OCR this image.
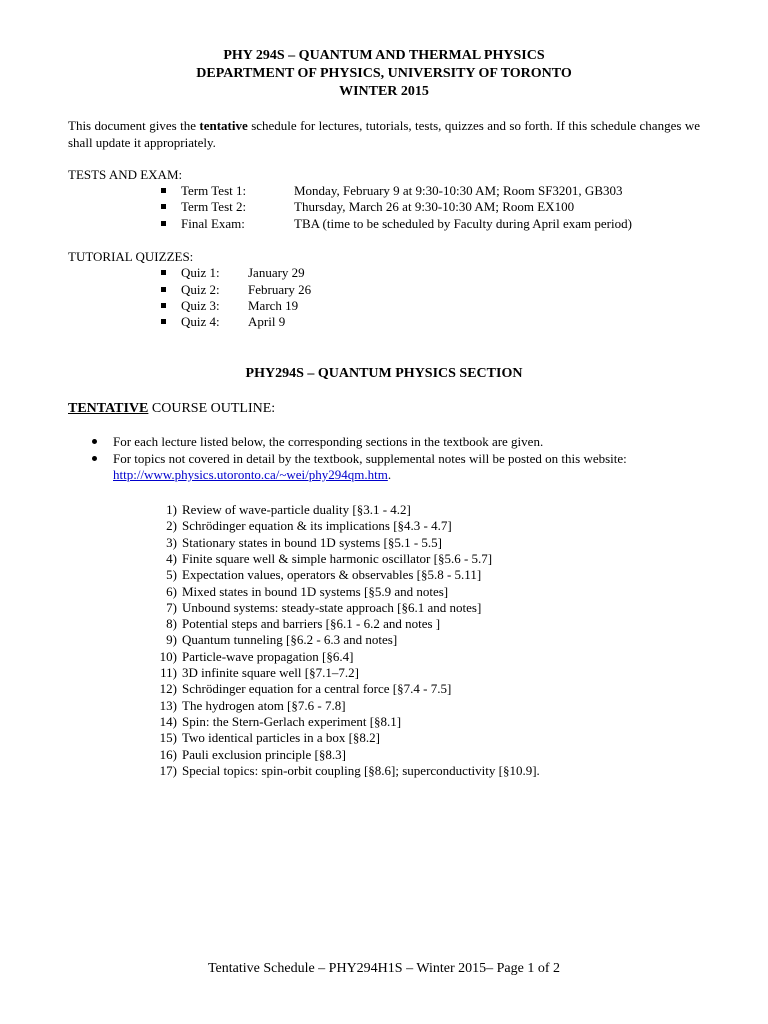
PHY 294S – QUANTUM AND THERMAL PHYSICS
DEPARTMENT OF PHYSICS, UNIVERSITY OF TORONTO
WINTER 2015
This document gives the tentative schedule for lectures, tutorials, tests, quizzes and so forth. If this schedule changes we shall update it appropriately.
TESTS AND EXAM:
Term Test 1:	Monday, February 9 at 9:30-10:30 AM; Room SF3201, GB303
Term Test 2:	Thursday, March 26 at 9:30-10:30 AM; Room EX100
Final Exam:	TBA (time to be scheduled by Faculty during April exam period)
TUTORIAL QUIZZES:
Quiz 1: January 29
Quiz 2: February 26
Quiz 3: March 19
Quiz 4: April 9
PHY294S – QUANTUM PHYSICS SECTION
TENTATIVE COURSE OUTLINE:
For each lecture listed below, the corresponding sections in the textbook are given.
For topics not covered in detail by the textbook, supplemental notes will be posted on this website:
http://www.physics.utoronto.ca/~wei/phy294qm.htm.
1) Review of wave-particle duality [§3.1 - 4.2]
2) Schrödinger equation & its implications [§4.3 - 4.7]
3) Stationary states in bound 1D systems [§5.1 - 5.5]
4) Finite square well & simple harmonic oscillator [§5.6 - 5.7]
5) Expectation values, operators & observables [§5.8 - 5.11]
6) Mixed states in bound 1D systems [§5.9 and notes]
7) Unbound systems: steady-state approach [§6.1 and notes]
8) Potential steps and barriers [§6.1 - 6.2 and notes ]
9) Quantum tunneling [§6.2 - 6.3 and notes]
10) Particle-wave propagation [§6.4]
11) 3D infinite square well [§7.1–7.2]
12) Schrödinger equation for a central force [§7.4 - 7.5]
13) The hydrogen atom [§7.6 - 7.8]
14) Spin: the Stern-Gerlach experiment [§8.1]
15) Two identical particles in a box [§8.2]
16) Pauli exclusion principle [§8.3]
17) Special topics: spin-orbit coupling [§8.6]; superconductivity [§10.9].
Tentative Schedule – PHY294H1S – Winter 2015– Page 1 of 2
